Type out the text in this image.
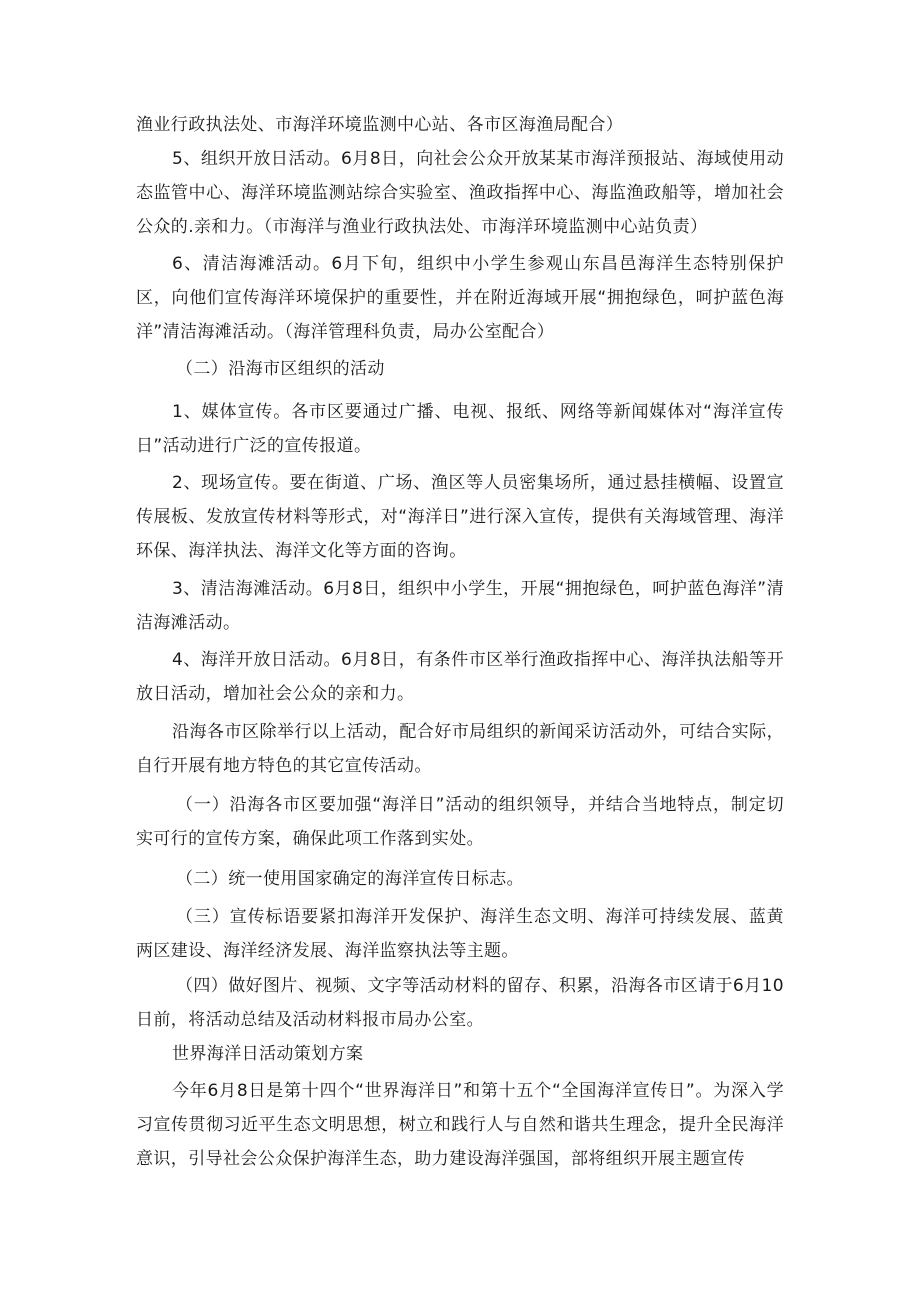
渔业行政执法处、市海洋环境监测中心站、各市区海渔局配合）

5、组织开放日活动。6月8日，向社会公众开放某某市海洋预报站、海域使用动态监管中心、海洋环境监测站综合实验室、渔政指挥中心、海监渔政船等，增加社会公众的.亲和力。（市海洋与渔业行政执法处、市海洋环境监测中心站负责）

6、清洁海滩活动。6月下旬，组织中小学生参观山东昌邑海洋生态特别保护区，向他们宣传海洋环境保护的重要性，并在附近海域开展“拥抱绿色，呵护蓝色海洋”清洁海滩活动。（海洋管理科负责，局办公室配合）

（二）沿海市区组织的活动

1、媒体宣传。各市区要通过广播、电视、报纸、网络等新闻媒体对“海洋宣传日”活动进行广泛的宣传报道。

2、现场宣传。要在街道、广场、渔区等人员密集场所，通过悬挂横幅、设置宣传展板、发放宣传材料等形式，对“海洋日”进行深入宣传，提供有关海域管理、海洋环保、海洋执法、海洋文化等方面的咨询。

3、清洁海滩活动。6月8日，组织中小学生，开展“拥抱绿色，呵护蓝色海洋”清洁海滩活动。

4、海洋开放日活动。6月8日，有条件市区举行渔政指挥中心、海洋执法船等开放日活动，增加社会公众的亲和力。

沿海各市区除举行以上活动，配合好市局组织的新闻采访活动外，可结合实际，自行开展有地方特色的其它宣传活动。

（一）沿海各市区要加强“海洋日”活动的组织领导，并结合当地特点，制定切实可行的宣传方案，确保此项工作落到实处。

（二）统一使用国家确定的海洋宣传日标志。

（三）宣传标语要紧扣海洋开发保护、海洋生态文明、海洋可持续发展、蓝黄两区建设、海洋经济发展、海洋监察执法等主题。

（四）做好图片、视频、文字等活动材料的留存、积累，沿海各市区请于6月10日前，将活动总结及活动材料报市局办公室。

世界海洋日活动策划方案

今年6月8日是第十四个“世界海洋日”和第十五个“全国海洋宣传日”。为深入学习宣传贯彻习近平生态文明思想，树立和践行人与自然和谐共生理念，提升全民海洋意识，引导社会公众保护海洋生态，助力建设海洋强国，部将组织开展主题宣传
